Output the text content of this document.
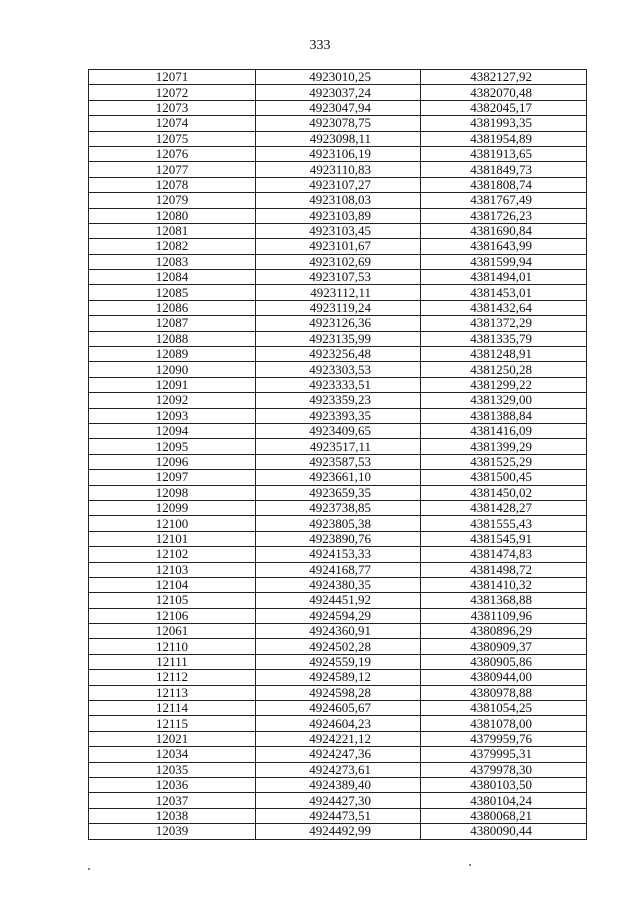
333
12071	4923010,25	4382127,92
12072	4923037,24	4382070,48
12073	4923047,94	4382045,17
12074	4923078,75	4381993,35
12075	4923098,11	4381954,89
12076	4923106,19	4381913,65
12077	4923110,83	4381849,73
12078	4923107,27	4381808,74
12079	4923108,03	4381767,49
12080	4923103,89	4381726,23
12081	4923103,45	4381690,84
12082	4923101,67	4381643,99
12083	4923102,69	4381599,94
12084	4923107,53	4381494,01
12085	4923112,11	4381453,01
12086	4923119,24	4381432,64
12087	4923126,36	4381372,29
12088	4923135,99	4381335,79
12089	4923256,48	4381248,91
12090	4923303,53	4381250,28
12091	4923333,51	4381299,22
12092	4923359,23	4381329,00
12093	4923393,35	4381388,84
12094	4923409,65	4381416,09
12095	4923517,11	4381399,29
12096	4923587,53	4381525,29
12097	4923661,10	4381500,45
12098	4923659,35	4381450,02
12099	4923738,85	4381428,27
12100	4923805,38	4381555,43
12101	4923890,76	4381545,91
12102	4924153,33	4381474,83
12103	4924168,77	4381498,72
12104	4924380,35	4381410,32
12105	4924451,92	4381368,88
12106	4924594,29	4381109,96
12061	4924360,91	4380896,29
12110	4924502,28	4380909,37
12111	4924559,19	4380905,86
12112	4924589,12	4380944,00
12113	4924598,28	4380978,88
12114	4924605,67	4381054,25
12115	4924604,23	4381078,00
12021	4924221,12	4379959,76
12034	4924247,36	4379995,31
12035	4924273,61	4379978,30
12036	4924389,40	4380103,50
12037	4924427,30	4380104,24
12038	4924473,51	4380068,21
12039	4924492,99	4380090,44
